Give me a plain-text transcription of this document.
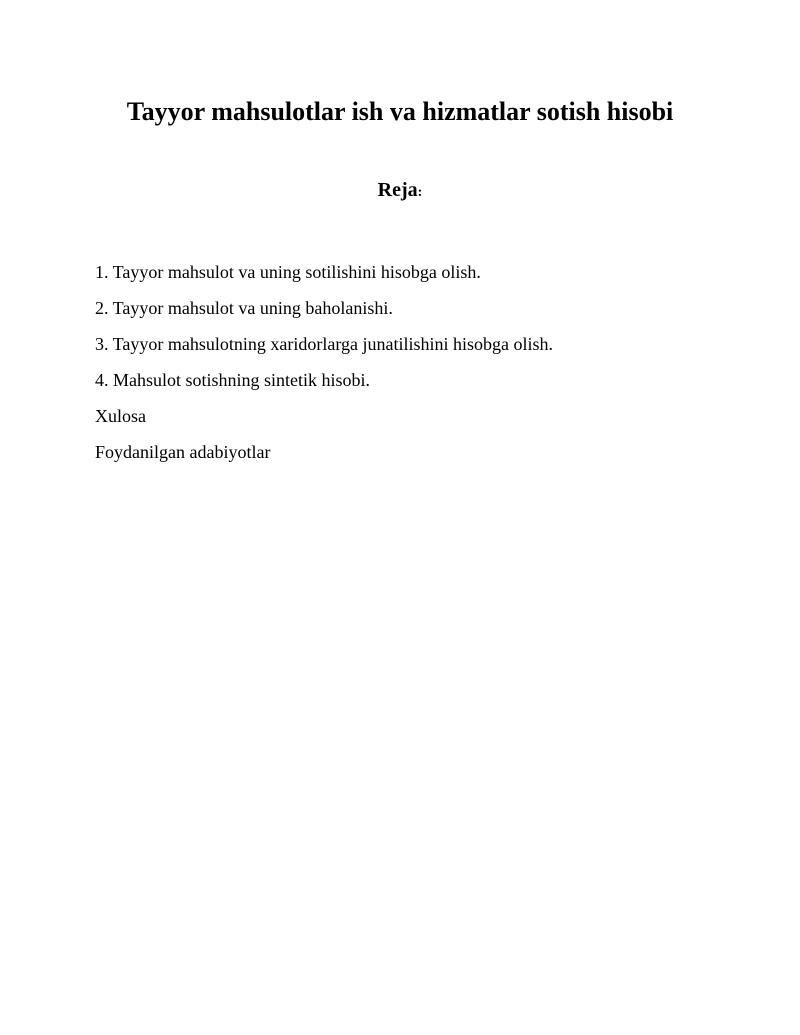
Tayyor mahsulotlar ish va hizmatlar sotish hisobi
Reja:
1. Tayyor mahsulot va uning sotilishini hisobga olish.
2. Tayyor mahsulot va uning baholanishi.
3. Tayyor mahsulotning xaridorlarga junatilishini hisobga olish.
4. Mahsulot sotishning sintetik hisobi.
Xulosa
Foydanilgan adabiyotlar
